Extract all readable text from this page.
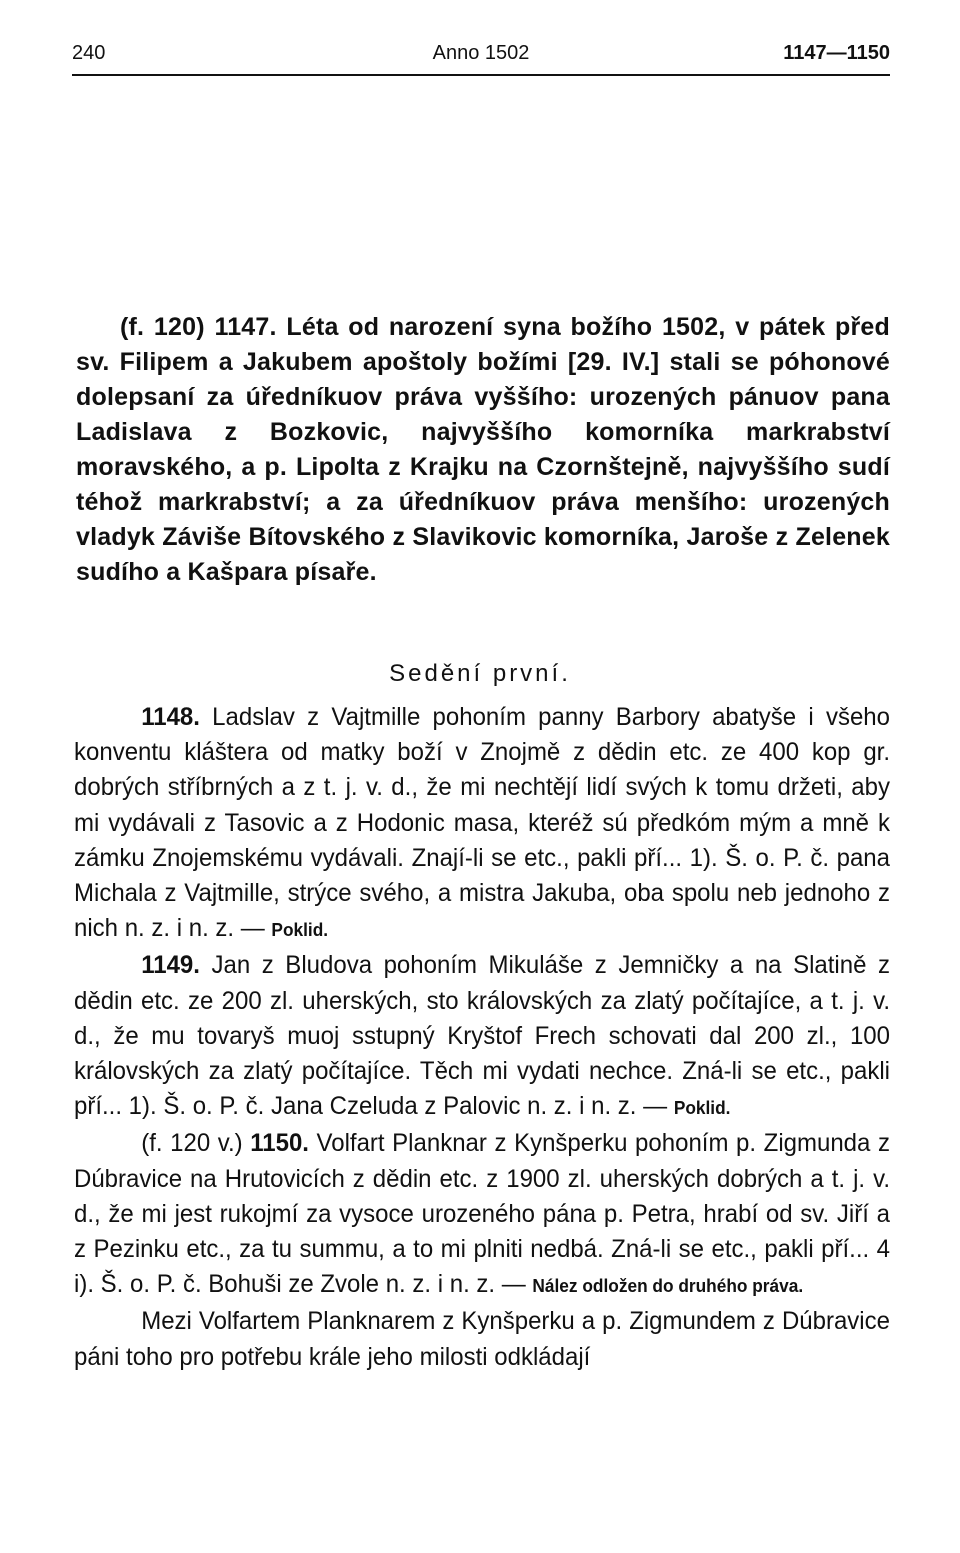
240	Anno 1502	1147—1150

(f. 120) 1147. Léta od narození syna božího 1502, v pátek před sv. Filipem a Jakubem apoštoly božími [29. IV.] stali se póhonové dolepsaní za úředníkuov práva vyššího: urozených pánuov pana Ladislava z Bozkovic, najvyššího komorníka markrabství moravského, a p. Lipolta z Krajku na Czornštejně, najvyššího sudí téhož markrabství; a za úředníkuov práva menšího: urozených vladyk Záviše Bítovského z Slavikovic komorníka, Jaroše z Zelenek sudího a Kašpara písaře.

Sedění první.

1148. Ladslav z Vajtmille pohoním panny Barbory abatyše i všeho konventu kláštera od matky boží v Znojmě z dědin etc. ze 400 kop gr. dobrých stříbrných a z t. j. v. d., že mi nechtějí lidí svých k tomu držeti, aby mi vydávali z Tasovic a z Hodonic masa, kteréž sú předkóm mým a mně k zámku Znojemskému vydávali. Znají-li se etc., pakli pří... 1). Š. o. P. č. pana Michala z Vajtmille, strýce svého, a mistra Jakuba, oba spolu neb jednoho z nich n. z. i n. z. — Poklid.

1149. Jan z Bludova pohoním Mikuláše z Jemničky a na Slatině z dědin etc. ze 200 zl. uherských, sto královských za zlatý počítajíce, a t. j. v. d., že mu tovaryš muoj sstupný Kryštof Frech schovati dal 200 zl., 100 královských za zlatý počítajíce. Těch mi vydati nechce. Zná-li se etc., pakli pří... 1). Š. o. P. č. Jana Czeluda z Palovic n. z. i n. z. — Poklid.

(f. 120 v.) 1150. Volfart Planknar z Kynšperku pohoním p. Zigmunda z Dúbravice na Hrutovicích z dědin etc. z 1900 zl. uherských dobrých a t. j. v. d., že mi jest rukojmí za vysoce urozeného pána p. Petra, hrabí od sv. Jiří a z Pezinku etc., za tu summu, a to mi plniti nedbá. Zná-li se etc., pakli pří... 4 i). Š. o. P. č. Bohuši ze Zvole n. z. i n. z. — Nález odložen do druhého práva.

Mezi Volfartem Planknarem z Kynšperku a p. Zigmundem z Dúbravice páni toho pro potřebu krále jeho milosti odkládají
